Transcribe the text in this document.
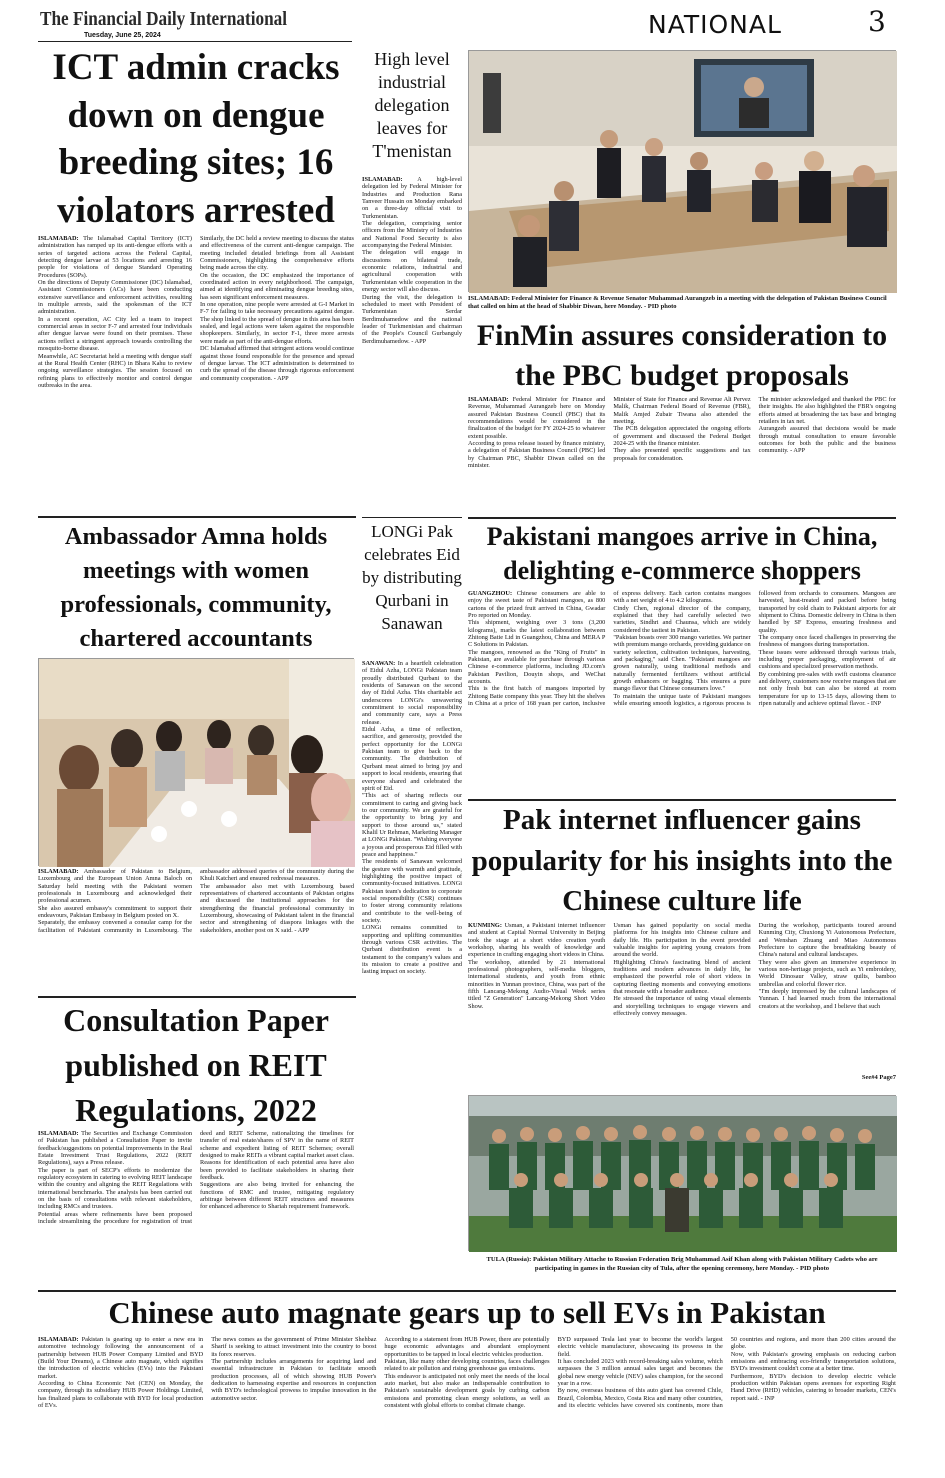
The Financial Daily International
Tuesday, June 25, 2024	NATIONAL	3
ICT admin cracks down on dengue breeding sites; 16 violators arrested

ISLAMABAD: The Islamabad Capital Territory (ICT) administration has ramped up its anti-dengue efforts with a series of targeted actions across the Federal Capital, detecting dengue larvae at 53 locations and arresting 16 people for violations of dengue Standard Operating Procedures (SOPs).

On the directions of Deputy Commissioner (DC) Islamabad, Assistant Commissioners (ACs) have been conducting extensive surveillance and enforcement activities, resulting in multiple arrests, said the spokesman of the ICT administration.

In a recent operation, AC City led a team to inspect commercial areas in sector F-7 and arrested four individuals after dengue larvae were found on their premises. These actions reflect a stringent approach towards controlling the mosquito-borne disease.

Meanwhile, AC Secretariat held a meeting with dengue staff at the Rural Health Center (RHC) in Bhara Kahu to review ongoing surveillance strategies. The session focused on refining plans to effectively monitor and control dengue outbreaks in the area.

Similarly, the DC held a review meeting to discuss the status and effectiveness of the current anti-dengue campaign. The meeting included detailed briefings from all Assistant Commissioners, highlighting the comprehensive efforts being made across the city.

On the occasion, the DC emphasized the importance of coordinated action in every neighborhood. The campaign, aimed at identifying and eliminating dengue breeding sites, has seen significant enforcement measures.

In one operation, nine people were arrested at G-I Market in F-7 for failing to take necessary precautions against dengue. The shop linked to the spread of dengue in this area has been sealed, and legal actions were taken against the responsible shopkeepers. Similarly, in sector F-1, three more arrests were made as part of the anti-dengue efforts.

DC Islamabad affirmed that stringent actions would continue against those found responsible for the presence and spread of dengue larvae. The ICT administration is determined to curb the spread of the disease through rigorous enforcement and community cooperation. - APP

High level industrial delegation leaves for T'menistan

ISLAMABAD: A high-level delegation led by Federal Minister for Industries and Production Rana Tanveer Hussain on Monday embarked on a three-day official visit to Turkmenistan.

The delegation, comprising senior officers from the Ministry of Industries and National Food Security is also accompanying the Federal Minister.

The delegation will engage in discussions on bilateral trade, economic relations, industrial and agricultural cooperation with Turkmenistan while cooperation in the energy sector will also discuss.

During the visit, the delegation is scheduled to meet with President of Turkmenistan Serdar Berdimuhamedow and the national leader of Turkmenistan and chairman of the People's Council Gurbanguly Berdimuhamedow. - APP

ISLAMABAD: Federal Minister for Finance & Revenue Senator Muhammad Aurangzeb in a meeting with the delegation of Pakistan Business Council that called on him at the head of Shabbir Diwan, here Monday. - PID photo
FinMin assures consideration to the PBC budget proposals

ISLAMABAD: Federal Minister for Finance and Revenue, Muhammad Aurangzeb here on Monday assured Pakistan Business Council (PBC) that its recommendations would be considered in the finalization of the budget for FY 2024-25 to whatever extent possible.

According to press release issued by finance ministry, a delegation of Pakistan Business Council (PBC) led by Chairman PBC, Shabbir Diwan called on the minister.

Minister of State for Finance and Revenue Ali Pervez Malik, Chairman Federal Board of Revenue (FBR), Malik Amjed Zubair Tiwana also attended the meeting.

The PCB delegation appreciated the ongoing efforts of government and discussed the Federal Budget 2024-25 with the finance minister.

They also presented specific suggestions and tax proposals for consideration.

The minister acknowledged and thanked the PBC for their insights. He also highlighted the FBR's ongoing efforts aimed at broadening the tax base and bringing retailers in tax net.

Aurangzeb assured that decisions would be made through mutual consultation to ensure favorable outcomes for both the public and the business community. - APP

Ambassador Amna holds meetings with women professionals, community, chartered accountants

ISLAMABAD: Ambassador of Pakistan to Belgium, Luxembourg and the European Union Amna Baloch on Saturday held meeting with the Pakistani women professionals in Luxembourg and acknowledged their professional acumen.

She also assured embassy's commitment to support their endeavours, Pakistan Embassy in Belgium posted on X.

Separately, the embassy convened a consular camp for the facilitation of Pakistani community in Luxembourg. The ambassador addressed queries of the community during the Khuli Katcheri and ensured redressal measures.

The ambassador also met with Luxembourg based representatives of chartered accountants of Pakistan origins and discussed the institutional approaches for the strengthening the financial professional community in Luxembourg, showcasing of Pakistani talent in the financial sector and strengthening of diaspora linkages with the stakeholders, another post on X said. - APP

LONGi Pak celebrates Eid by distributing Qurbani in Sanawan

SANAWAN: In a heartfelt celebration of Eidul Azha, LONGi Pakistan team proudly distributed Qurbani to the residents of Sanawan on the second day of Eidul Azha. This charitable act underscores LONGi's unwavering commitment to social responsibility and community care, says a Press release.

Eidul Azha, a time of reflection, sacrifice, and generosity, provided the perfect opportunity for the LONGi Pakistan team to give back to the community. The distribution of Qurbani meat aimed to bring joy and support to local residents, ensuring that everyone shared and celebrated the spirit of Eid.

"This act of sharing reflects our commitment to caring and giving back to our community. We are grateful for the opportunity to bring joy and support to those around us," stated Khalil Ur Rehman, Marketing Manager at LONGi Pakistan. "Wishing everyone a joyous and prosperous Eid filled with peace and happiness."

The residents of Sanawan welcomed the gesture with warmth and gratitude, highlighting the positive impact of community-focused initiatives. LONGi Pakistan team's dedication to corporate social responsibility (CSR) continues to foster strong community relations and contribute to the well-being of society.

LONGi remains committed to supporting and uplifting communities through various CSR activities. The Qurbani distribution event is a testament to the company's values and its mission to create a positive and lasting impact on society.

Pakistani mangoes arrive in China, delighting e-commerce shoppers

GUANGZHOU: Chinese consumers are able to enjoy the sweet taste of Pakistani mangoes, as 800 cartons of the prized fruit arrived in China, Gwadar Pro reported on Monday.

This shipment, weighing over 3 tons (3,200 kilograms), marks the latest collaboration between Zhitong Batie Ltd in Guangzhou, China and MERA P C Solutions in Pakistan.

The mangoes, renowned as the "King of Fruits" in Pakistan, are available for purchase through various Chinese e-commerce platforms, including JD.com's Pakistan Pavilion, Douyin shops, and WeChat accounts.

This is the first batch of mangoes imported by Zhitong Batie company this year. They hit the shelves in China at a price of 168 yuan per carton, inclusive of express delivery. Each carton contains mangoes with a net weight of 4 to 4.2 kilograms.

Cindy Chen, regional director of the company, explained that they had carefully selected two varieties, Sindhri and Chaunsa, which are widely considered the tastiest in Pakistan.

"Pakistan boasts over 300 mango varieties. We partner with premium mango orchards, providing guidance on variety selection, cultivation techniques, harvesting, and packaging," said Chen. "Pakistani mangoes are grown naturally, using traditional methods and naturally fermented fertilizers without artificial growth enhancers or bagging. This ensures a pure mango flavor that Chinese consumers love."

To maintain the unique taste of Pakistani mangoes while ensuring smooth logistics, a rigorous process is followed from orchards to consumers. Mangoes are harvested, heat-treated and packed before being transported by cold chain to Pakistani airports for air shipment to China. Domestic delivery in China is then handled by SF Express, ensuring freshness and quality.

The company once faced challenges in preserving the freshness of mangoes during transportation.

These issues were addressed through various trials, including proper packaging, employment of air cushions and specialized preservation methods.

By combining pre-sales with swift customs clearance and delivery, customers now receive mangoes that are not only fresh but can also be stored at room temperature for up to 13-15 days, allowing them to ripen naturally and achieve optimal flavor. - INP

Pak internet influencer gains popularity for his insights into the Chinese culture life

KUNMING: Usman, a Pakistani internet influencer and student at Capital Normal University in Beijing took the stage at a short video creation youth workshop, sharing his wealth of knowledge and experience in crafting engaging short videos in China.

The workshop, attended by 21 international professional photographers, self-media bloggers, international students, and youth from ethnic minorities in Yunnan province, China, was part of the fifth Lancang-Mekong Audio-Visual Week series titled "Z Generation" Lancang-Mekong Short Video Show.

Usman has gained popularity on social media platforms for his insights into Chinese culture and daily life. His participation in the event provided valuable insights for aspiring young creators from around the world.

Highlighting China's fascinating blend of ancient traditions and modern advances in daily life, he emphasized the powerful role of short videos in capturing fleeting moments and conveying emotions that resonate with a broader audience.

He stressed the importance of using visual elements and storytelling techniques to engage viewers and effectively convey messages.

During the workshop, participants toured around Kunming City, Chuxiong Yi Autonomous Prefecture, and Wenshan Zhuang and Miao Autonomous Prefecture to capture the breathtaking beauty of China's natural and cultural landscapes.

They were also given an immersive experience in various non-heritage projects, such as Yi embroidery, World Dinosaur Valley, straw quilts, bamboo umbrellas and colorful flower rice.

"I'm deeply impressed by the cultural landscapes of Yunnan. I had learned much from the international creators at the workshop, and I believe that such

See#4 Page7
Consultation Paper published on REIT Regulations, 2022

ISLAMABAD: The Securities and Exchange Commission of Pakistan has published a Consultation Paper to invite feedback/suggestions on potential improvements in the Real Estate Investment Trust Regulations, 2022 (REIT Regulations), says a Press release.

The paper is part of SECP's efforts to modernize the regulatory ecosystem in catering to evolving REIT landscape within the country and aligning the REIT Regulations with international benchmarks. The analysis has been carried out on the basis of consultations with relevant stakeholders, including RMCs and trustees.

Potential areas where refinements have been proposed include streamlining the procedure for registration of trust deed and REIT Scheme, rationalizing the timelines for transfer of real estate/shares of SPV in the name of REIT scheme and expedient listing of REIT Schemes; overall designed to make REITs a vibrant capital market asset class. Reasons for identification of each potential area have also been provided to facilitate stakeholders in sharing their feedback.

Suggestions are also being invited for enhancing the functions of RMC and trustee, mitigating regulatory arbitrage between different REIT structures and measures for enhanced adherence to Shariah requirement framework.

TULA (Russia): Pakistan Military Attache to Russian Federation Brig Muhammad Asif Khan along with Pakistan Military Cadets who are participating in games in the Russian city of Tula, after the opening ceremony, here Monday. - PID photo
Chinese auto magnate gears up to sell EVs in Pakistan

ISLAMABAD: Pakistan is gearing up to enter a new era in automotive technology following the announcement of a partnership between HUB Power Company Limited and BYD (Build Your Dreams), a Chinese auto magnate, which signifies the introduction of electric vehicles (EVs) into the Pakistani market.

According to China Economic Net (CEN) on Monday, the company, through its subsidiary HUB Power Holdings Limited, has finalized plans to collaborate with BYD for local production of EVs.

The news comes as the government of Prime Minister Shehbaz Sharif is seeking to attract investment into the country to boost its forex reserves.

The partnership includes arrangements for acquiring land and essential infrastructure in Pakistan to facilitate smooth production processes, all of which showing HUB Power's dedication to harnessing expertise and resources in conjunction with BYD's technological prowess to impulse innovation in the automotive sector.

According to a statement from HUB Power, there are potentially huge economic advantages and abundant employment opportunities to be tapped in local electric vehicles production.

Pakistan, like many other developing countries, faces challenges related to air pollution and rising greenhouse gas emissions.

This endeavor is anticipated not only meet the needs of the local auto market, but also make an indispensable contribution to Pakistan's sustainable development goals by curbing carbon emissions and promoting clean energy solutions, as well as consistent with global efforts to combat climate change.

BYD surpassed Tesla last year to become the world's largest electric vehicle manufacturer, showcasing its prowess in the field.

It has concluded 2023 with record-breaking sales volume, which surpasses the 3 million annual sales target and becomes the global new energy vehicle (NEV) sales champion, for the second year in a row.

By now, overseas business of this auto giant has covered Chile, Brazil, Colombia, Mexico, Costa Rica and many other countries, and its electric vehicles have covered six continents, more than 50 countries and regions, and more than 200 cities around the globe.

Now, with Pakistan's growing emphasis on reducing carbon emissions and embracing eco-friendly transportation solutions, BYD's investment couldn't come at a better time.

Furthermore, BYD's decision to develop electric vehicle production within Pakistan opens avenues for exporting Right Hand Drive (RHD) vehicles, catering to broader markets, CEN's report said. - INP
